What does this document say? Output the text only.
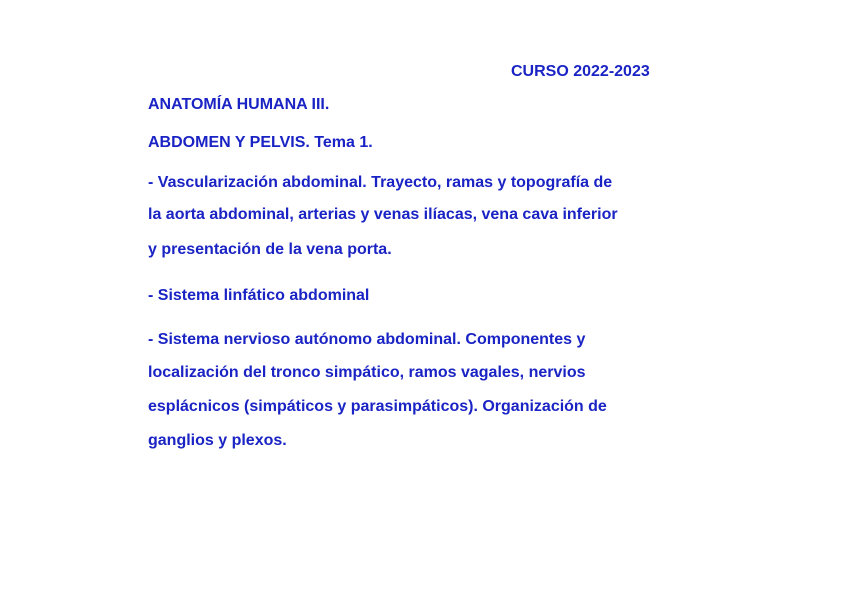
CURSO 2022-2023
ANATOMÍA HUMANA III.
ABDOMEN Y PELVIS. Tema 1.
- Vascularización abdominal. Trayecto, ramas y topografía de
la aorta abdominal, arterias y venas ilíacas, vena cava inferior
y presentación de la vena porta.
- Sistema linfático abdominal
- Sistema nervioso autónomo abdominal. Componentes y
localización del tronco simpático, ramos vagales, nervios
esplácnicos (simpáticos y parasimpáticos). Organización de
ganglios y plexos.
